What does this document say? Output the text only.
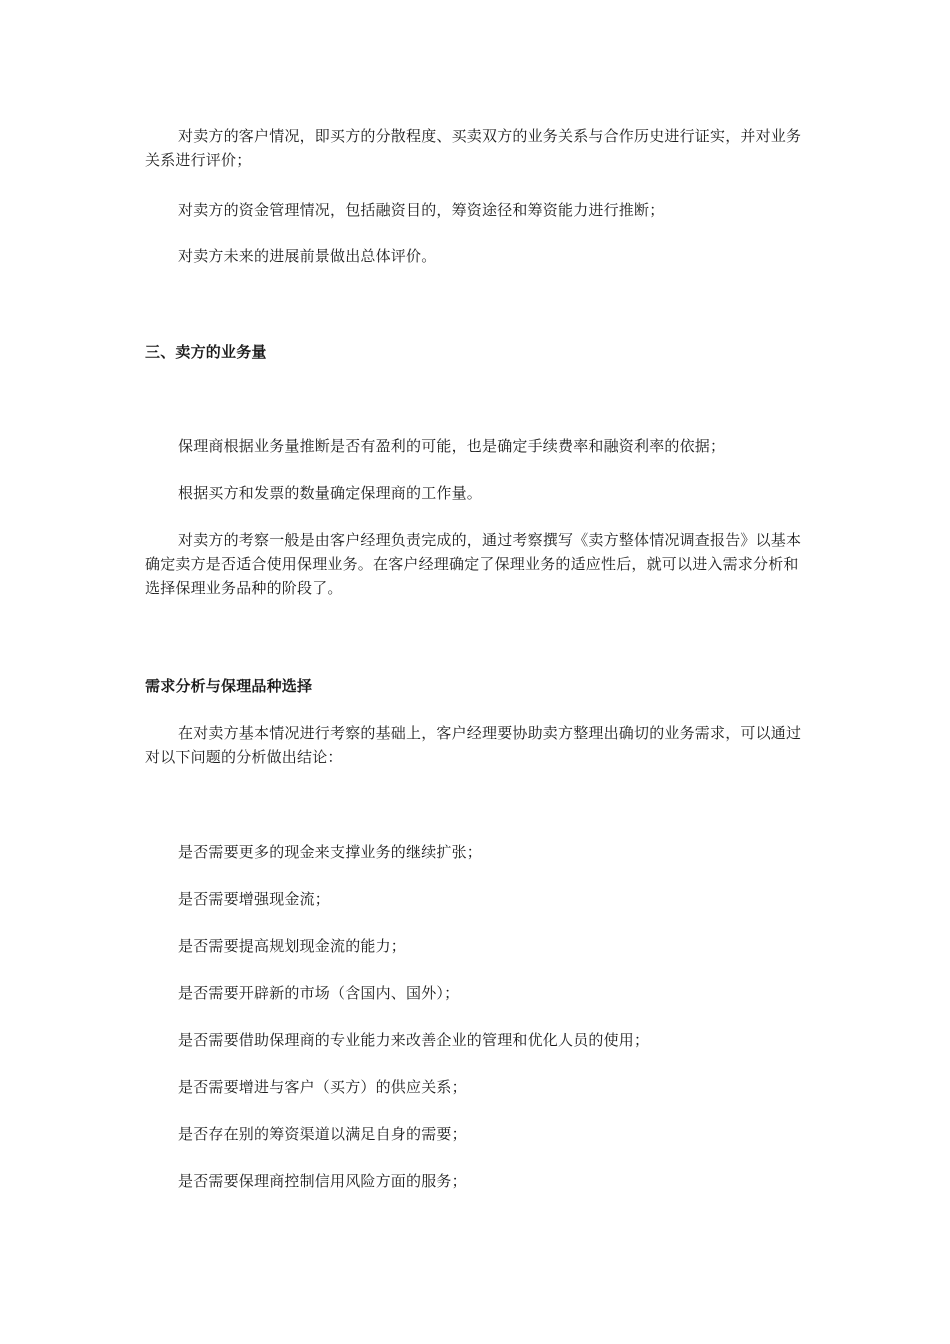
对卖方的客户情况，即买方的分散程度、买卖双方的业务关系与合作历史进行证实，并对业务关系进行评价；

对卖方的资金管理情况，包括融资目的，筹资途径和筹资能力进行推断；

对卖方未来的进展前景做出总体评价。

三、卖方的业务量

保理商根据业务量推断是否有盈利的可能，也是确定手续费率和融资利率的依据；

根据买方和发票的数量确定保理商的工作量。

对卖方的考察一般是由客户经理负责完成的，通过考察撰写《卖方整体情况调查报告》以基本确定卖方是否适合使用保理业务。在客户经理确定了保理业务的适应性后，就可以进入需求分析和选择保理业务品种的阶段了。

需求分析与保理品种选择

在对卖方基本情况进行考察的基础上，客户经理要协助卖方整理出确切的业务需求，可以通过对以下问题的分析做出结论：

是否需要更多的现金来支撑业务的继续扩张；

是否需要增强现金流；

是否需要提高规划现金流的能力；

是否需要开辟新的市场（含国内、国外）；

是否需要借助保理商的专业能力来改善企业的管理和优化人员的使用；

是否需要增进与客户（买方）的供应关系；

是否存在别的筹资渠道以满足自身的需要；

是否需要保理商控制信用风险方面的服务；
